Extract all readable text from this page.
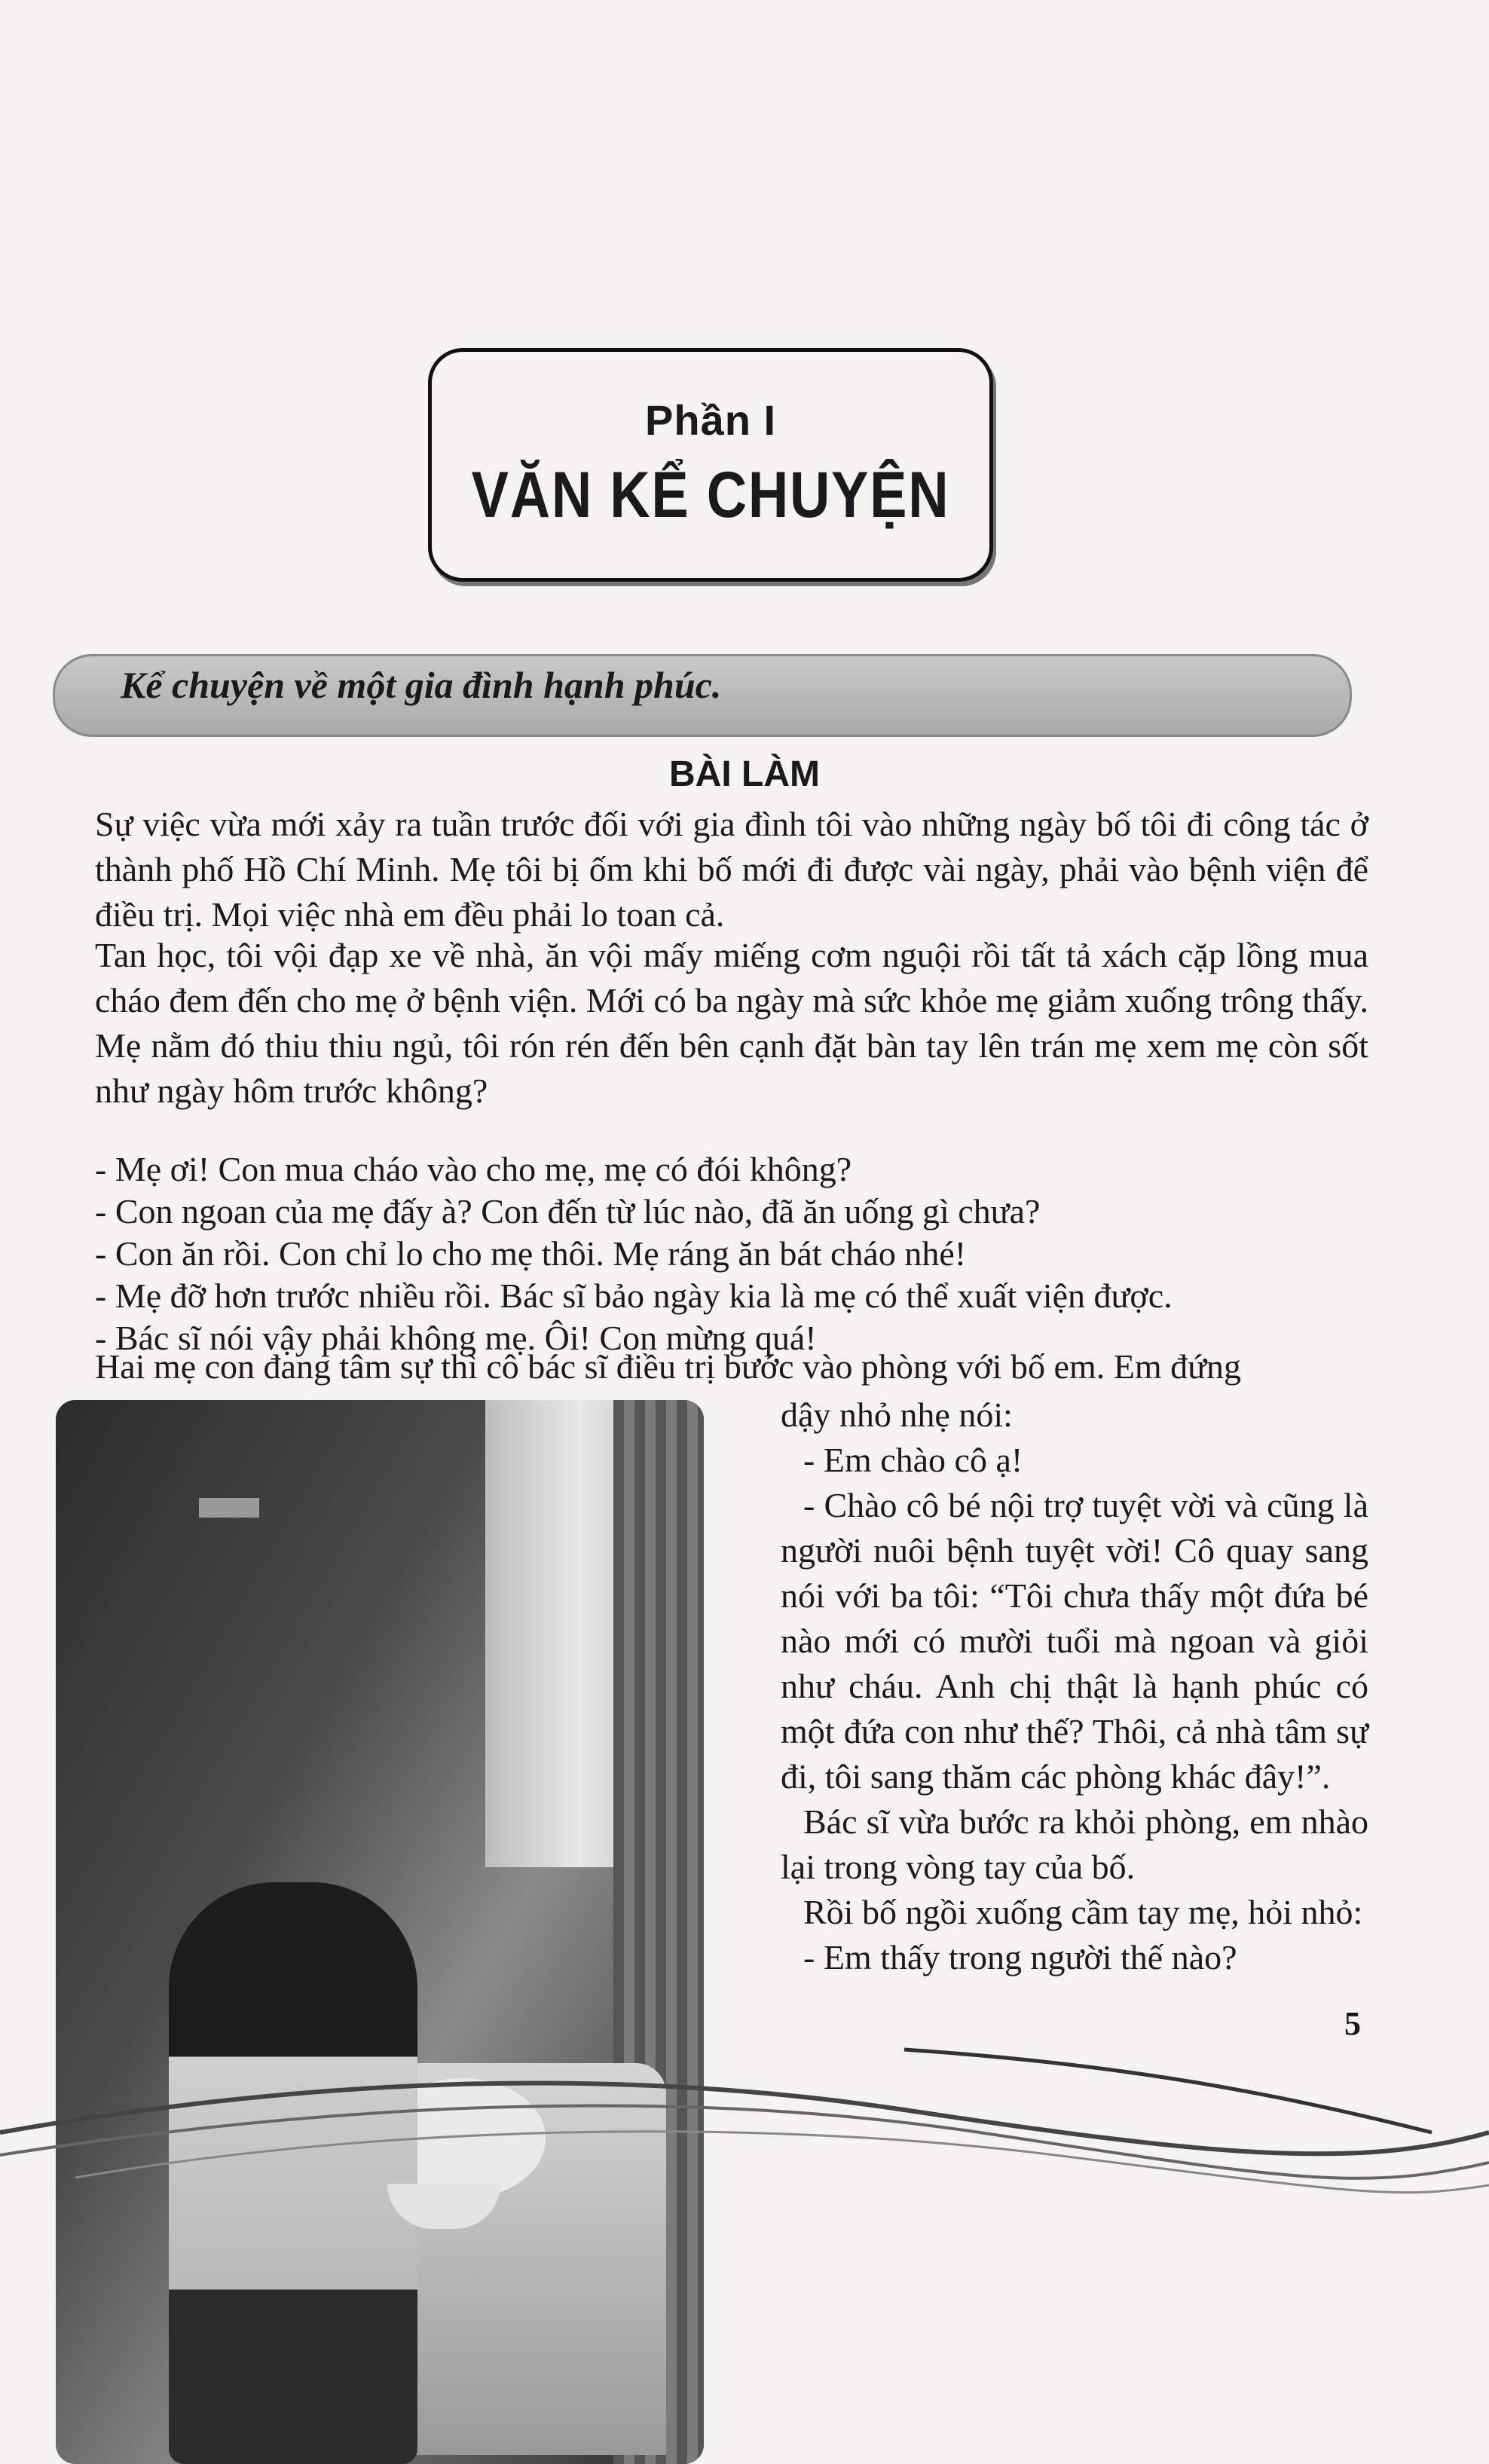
Phần I
VĂN KỂ CHUYỆN
Kể chuyện về một gia đình hạnh phúc.
BÀI LÀM

Sự việc vừa mới xảy ra tuần trước đối với gia đình tôi vào những ngày bố tôi đi công tác ở thành phố Hồ Chí Minh. Mẹ tôi bị ốm khi bố mới đi được vài ngày, phải vào bệnh viện để điều trị. Mọi việc nhà em đều phải lo toan cả.

Tan học, tôi vội đạp xe về nhà, ăn vội mấy miếng cơm nguội rồi tất tả xách cặp lồng mua cháo đem đến cho mẹ ở bệnh viện. Mới có ba ngày mà sức khỏe mẹ giảm xuống trông thấy. Mẹ nằm đó thiu thiu ngủ, tôi rón rén đến bên cạnh đặt bàn tay lên trán mẹ xem mẹ còn sốt như ngày hôm trước không?

- Mẹ ơi! Con mua cháo vào cho mẹ, mẹ có đói không?
- Con ngoan của mẹ đấy à? Con đến từ lúc nào, đã ăn uống gì chưa?
- Con ăn rồi. Con chỉ lo cho mẹ thôi. Mẹ ráng ăn bát cháo nhé!
- Mẹ đỡ hơn trước nhiều rồi. Bác sĩ bảo ngày kia là mẹ có thể xuất viện được.
- Bác sĩ nói vậy phải không mẹ. Ôi! Con mừng quá!

Hai mẹ con đang tâm sự thì cô bác sĩ điều trị bước vào phòng với bố em. Em đứng

dậy nhỏ nhẹ nói:

- Em chào cô ạ!

- Chào cô bé nội trợ tuyệt vời và cũng là người nuôi bệnh tuyệt vời! Cô quay sang nói với ba tôi: “Tôi chưa thấy một đứa bé nào mới có mười tuổi mà ngoan và giỏi như cháu. Anh chị thật là hạnh phúc có một đứa con như thế? Thôi, cả nhà tâm sự đi, tôi sang thăm các phòng khác đây!”.

Bác sĩ vừa bước ra khỏi phòng, em nhào lại trong vòng tay của bố.

Rồi bố ngồi xuống cầm tay mẹ, hỏi nhỏ:

- Em thấy trong người thế nào?

5
